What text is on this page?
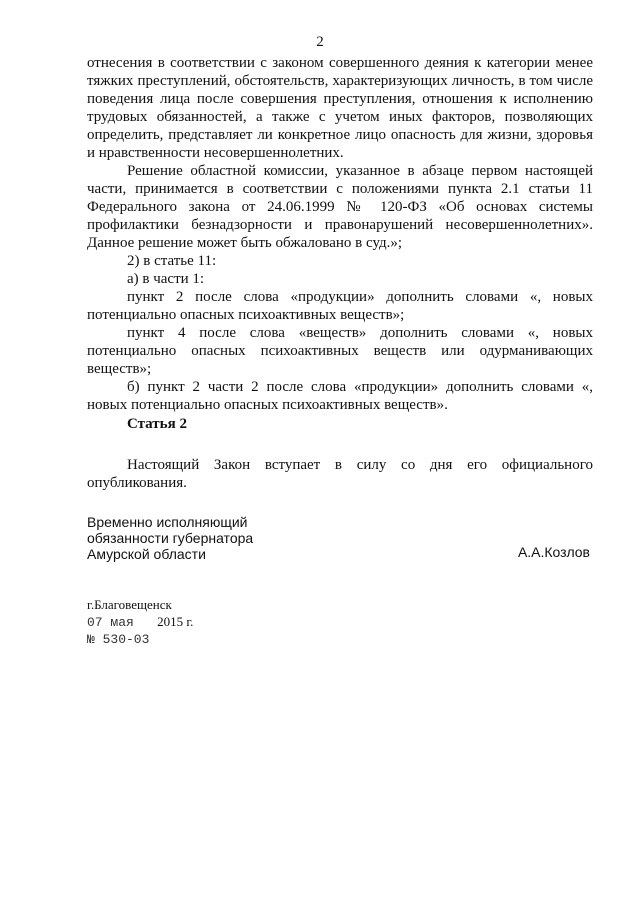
2

отнесения в соответствии с законом совершенного деяния к категории менее тяжких преступлений, обстоятельств, характеризующих личность, в том числе поведения лица после совершения преступления, отношения к исполнению трудовых обязанностей, а также с учетом иных факторов, позволяющих определить, представляет ли конкретное лицо опасность для жизни, здоровья и нравственности несовершеннолетних.

Решение областной комиссии, указанное в абзаце первом настоящей части, принимается в соответствии с положениями пункта 2.1 статьи 11 Федерального закона от 24.06.1999 № 120-ФЗ «Об основах системы профилактики безнадзорности и правонарушений несовершеннолетних». Данное решение может быть обжаловано в суд.»;

2) в статье 11:

а) в части 1:

пункт 2 после слова «продукции» дополнить словами «, новых потенциально опасных психоактивных веществ»;

пункт 4 после слова «веществ» дополнить словами «, новых потенциально опасных психоактивных веществ или одурманивающих веществ»;

б) пункт 2 части 2 после слова «продукции» дополнить словами «, новых потенциально опасных психоактивных веществ».

Статья 2

Настоящий Закон вступает в силу со дня его официального опубликования.

Временно исполняющий
обязанности губернатора
Амурской области	А.А.Козлов
г.Благовещенск
07 мая 2015 г.
№ 530-03
